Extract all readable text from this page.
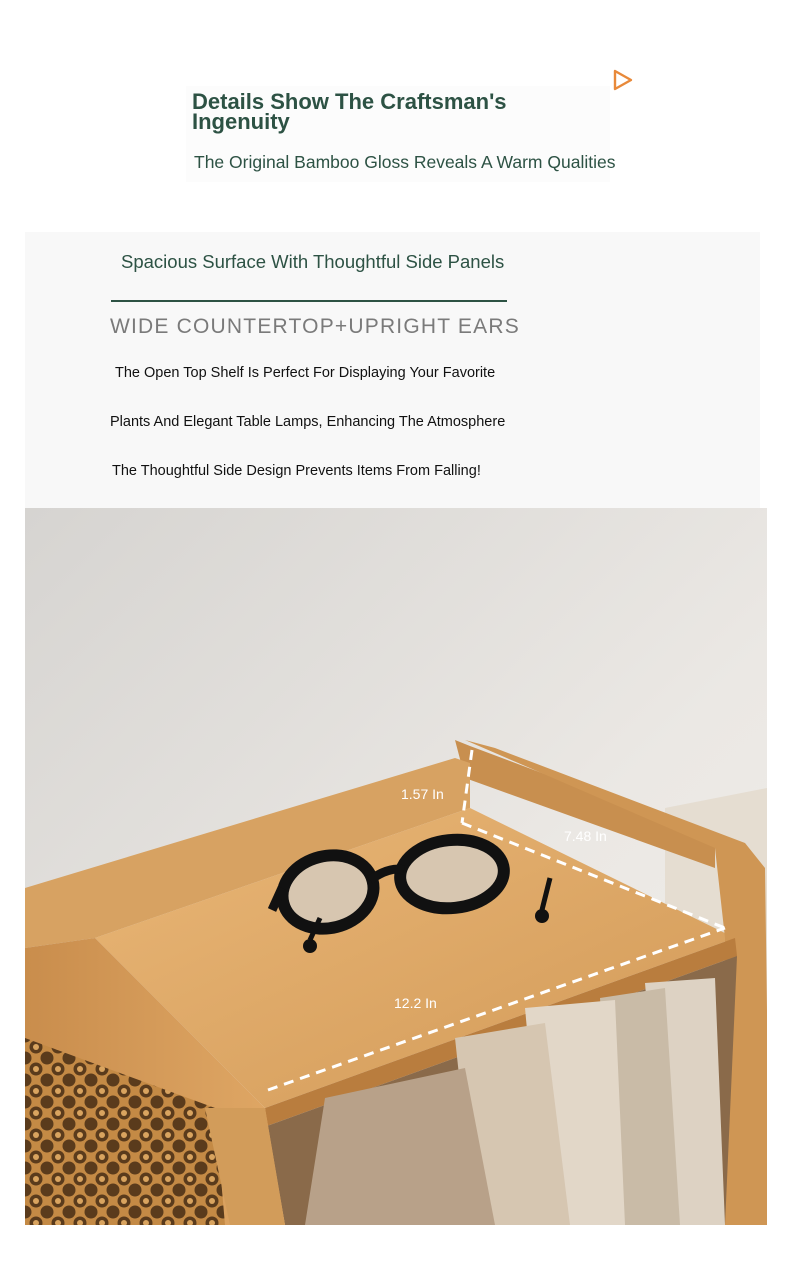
Details Show The Craftsman's Ingenuity
The Original Bamboo Gloss Reveals A Warm Qualities
Spacious Surface With Thoughtful Side Panels
WIDE COUNTERTOP+UPRIGHT EARS
The Open Top Shelf Is Perfect For Displaying Your Favorite
Plants And Elegant Table Lamps, Enhancing The Atmosphere
The Thoughtful Side Design Prevents Items From Falling!
1.57 In
7.48 In
12.2 In
